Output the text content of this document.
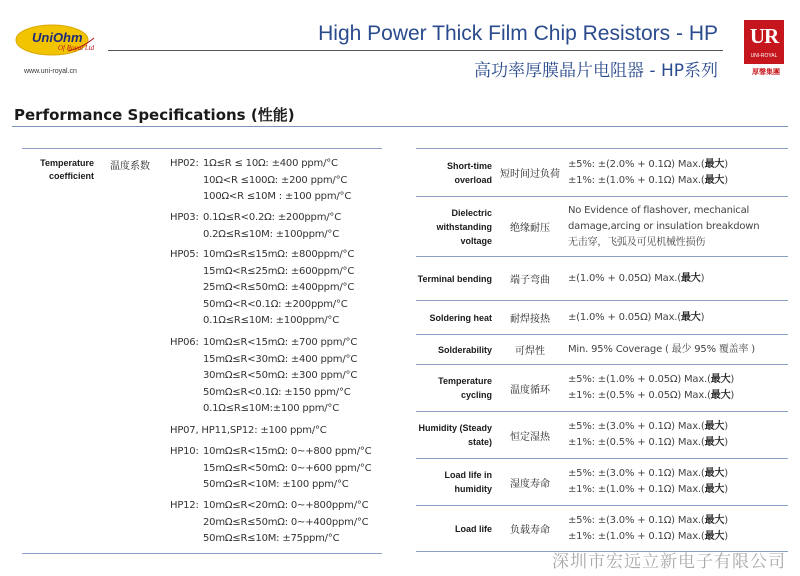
UniOhm
Of Royal Ltd
www.uni-royal.cn
High Power Thick Film Chip Resistors - HP
高功率厚膜晶片电阻器 - HP系列
UR
UNI-ROYAL
厚聲集團
Performance Specifications (性能)
Temperature coefficient
温度系数 HP02: 1Ω≤R ≤ 10Ω: ±400 ppm/°C
10Ω<R ≤100Ω: ±200 ppm/°C
100Ω<R ≤10M : ±100 ppm/°C
HP03: 0.1Ω≤R<0.2Ω: ±200ppm/°C
0.2Ω≤R≤10M: ±100ppm/°C
HP05: 10mΩ≤R≤15mΩ: ±800ppm/°C
15mΩ<R≤25mΩ: ±600ppm/°C
25mΩ<R≤50mΩ: ±400ppm/°C
50mΩ<R<0.1Ω: ±200ppm/°C
0.1Ω≤R≤10M: ±100ppm/°C
HP06: 10mΩ≤R<15mΩ: ±700 ppm/°C
15mΩ≤R<30mΩ: ±400 ppm/°C
30mΩ≤R<50mΩ: ±300 ppm/°C
50mΩ≤R<0.1Ω: ±150 ppm/°C
0.1Ω≤R≤10M:±100 ppm/°C
HP07, HP11,SP12: ±100 ppm/°C
HP10: 10mΩ≤R<15mΩ: 0~+800 ppm/°C
15mΩ≤R<50mΩ: 0~+600 ppm/°C
50mΩ≤R<10M: ±100 ppm/°C
HP12: 10mΩ≤R<20mΩ: 0~+800ppm/°C
20mΩ≤R≤50mΩ: 0~+400ppm/°C
50mΩ≤R≤10M: ±75ppm/°C
Short-time overload 短时间过负荷
±5%: ±(2.0% + 0.1Ω) Max.(最大)
±1%: ±(1.0% + 0.1Ω) Max.(最大)
Dielectric withstanding voltage
绝缘耐压
No Evidence of flashover, mechanical damage,arcing or insulation breakdown
无击穿，飞弧及可见机械性损伤
Terminal bending	端子弯曲	±(1.0% + 0.05Ω) Max.(最大)
Soldering heat	耐焊接热	±(1.0% + 0.05Ω) Max.(最大)
Solderability	可焊性	Min. 95% Coverage ( 最少 95% 覆盖率 )
Temperature cycling	温度循环
±5%: ±(1.0% + 0.05Ω) Max.(最大)
±1%: ±(0.5% + 0.05Ω) Max.(最大)
Humidity (Steady state)	恒定湿热
±5%: ±(3.0% + 0.1Ω) Max.(最大)
±1%: ±(0.5% + 0.1Ω) Max.(最大)
Load life in humidity	湿度寿命
±5%: ±(3.0% + 0.1Ω) Max.(最大)
±1%: ±(1.0% + 0.1Ω) Max.(最大)
Load life	负载寿命
±5%: ±(3.0% + 0.1Ω) Max.(最大)
±1%: ±(1.0% + 0.1Ω) Max.(最大)
深圳市宏远立新电子有限公司
